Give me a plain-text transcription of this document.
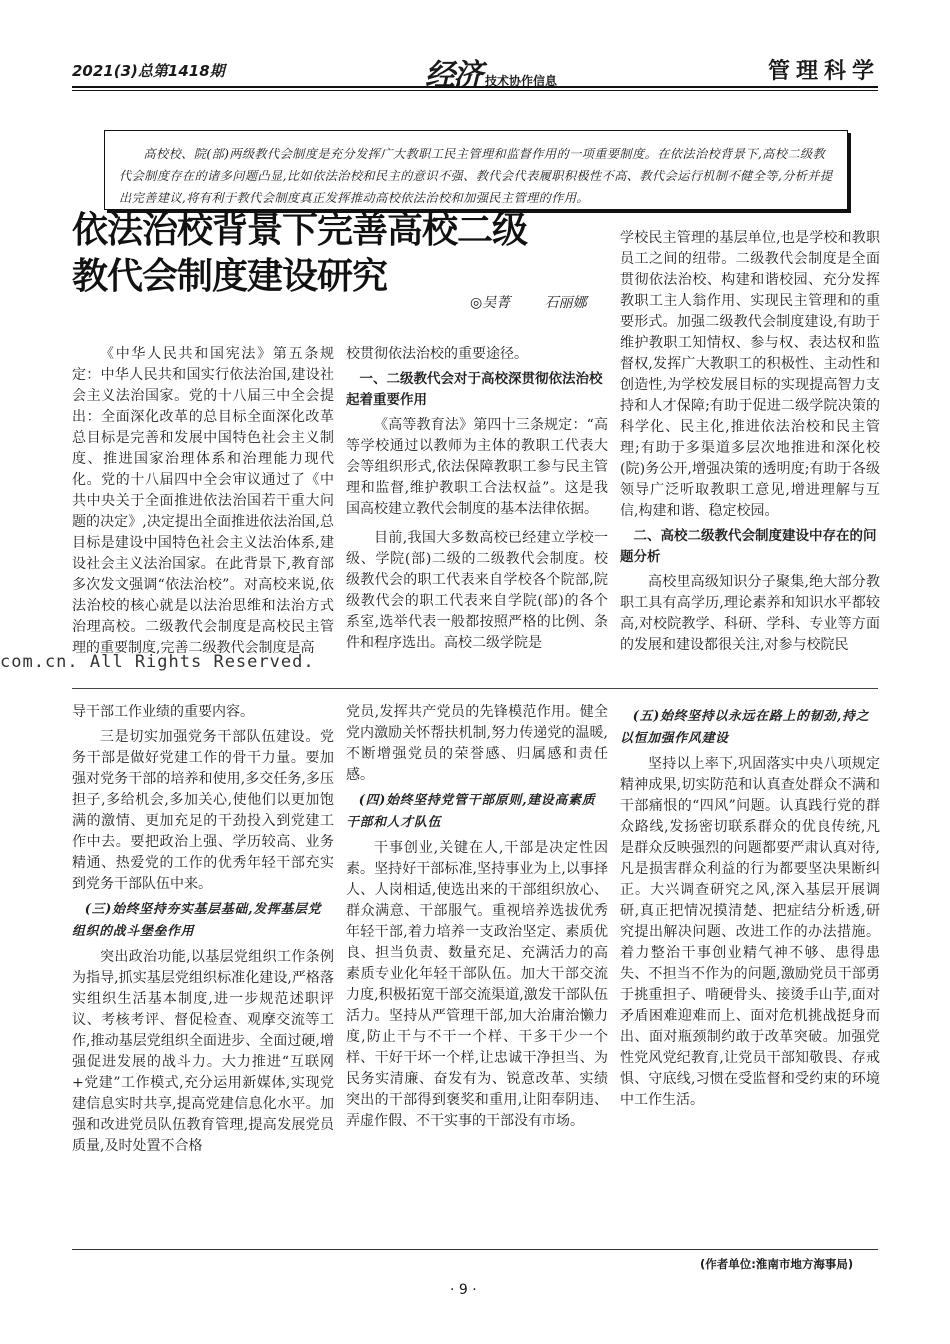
2021(3)总第1418期	经济 技术协作信息	管理科学
依法治校背景下完善高校二级
教代会制度建设研究
高校校、院(部)两级教代会制度是充分发挥广大教职工民主管理和监督作用的一项重要制度。在依法治校背景下,高校二级教代会制度存在的诸多问题凸显,比如依法治校和民主的意识不强、教代会代表履职积极性不高、教代会运行机制不健全等,分析并提出完善建议,将有利于教代会制度真正发挥推动高校依法治校和加强民主管理的作用。
◎吴菁 石丽娜

《中华人民共和国宪法》第五条规定：中华人民共和国实行依法治国,建设社会主义法治国家。党的十八届三中全会提出：全面深化改革的总目标全面深化改革总目标是完善和发展中国特色社会主义制度、推进国家治理体系和治理能力现代化。党的十八届四中全会审议通过了《中共中央关于全面推进依法治国若干重大问题的决定》,决定提出全面推进依法治国,总目标是建设中国特色社会主义法治体系,建设社会主义法治国家。在此背景下,教育部多次发文强调“依法治校”。对高校来说,依法治校的核心就是以法治思维和法治方式治理高校。二级教代会制度是高校民主管理的重要制度,完善二级教代会制度是高

校贯彻依法治校的重要途径。

一、二级教代会对于高校深贯彻依法治校起着重要作用

《高等教育法》第四十三条规定：“高等学校通过以教师为主体的教职工代表大会等组织形式,依法保障教职工参与民主管理和监督,维护教职工合法权益”。这是我国高校建立教代会制度的基本法律依据。

目前,我国大多数高校已经建立学校一级、学院(部)二级的二级教代会制度。校级教代会的职工代表来自学校各个院部,院级教代会的职工代表来自学院(部)的各个系室,选举代表一般都按照严格的比例、条件和程序选出。高校二级学院是

学校民主管理的基层单位,也是学校和教职员工之间的纽带。二级教代会制度是全面贯彻依法治校、构建和谐校园、充分发挥教职工主人翁作用、实现民主管理和的重要形式。加强二级教代会制度建设,有助于维护教职工知情权、参与权、表达权和监督权,发挥广大教职工的积极性、主动性和创造性,为学校发展目标的实现提高智力支持和人才保障;有助于促进二级学院决策的科学化、民主化,推进依法治校和民主管理;有助于多渠道多层次地推进和深化校(院)务公开,增强决策的透明度;有助于各级领导广泛听取教职工意见,增进理解与互信,构建和谐、稳定校园。

二、高校二级教代会制度建设中存在的问题分析

高校里高级知识分子聚集,绝大部分教职工具有高学历,理论素养和知识水平都较高,对校院教学、科研、学科、专业等方面的发展和建设都很关注,对参与校院民

com.cn. All Rights Reserved.

导干部工作业绩的重要内容。

三是切实加强党务干部队伍建设。党务干部是做好党建工作的骨干力量。要加强对党务干部的培养和使用,多交任务,多压担子,多给机会,多加关心,使他们以更加饱满的激情、更加充足的干劲投入到党建工作中去。要把政治上强、学历较高、业务精通、热爱党的工作的优秀年轻干部充实到党务干部队伍中来。

(三)始终坚持夯实基层基础,发挥基层党组织的战斗堡垒作用

突出政治功能,以基层党组织工作条例为指导,抓实基层党组织标准化建设,严格落实组织生活基本制度,进一步规范述职评议、考核考评、督促检查、观摩交流等工作,推动基层党组织全面进步、全面过硬,增强促进发展的战斗力。大力推进“互联网+党建”工作模式,充分运用新媒体,实现党建信息实时共享,提高党建信息化水平。加强和改进党员队伍教育管理,提高发展党员质量,及时处置不合格

党员,发挥共产党员的先锋模范作用。健全党内激励关怀帮扶机制,努力传递党的温暖,不断增强党员的荣誉感、归属感和责任感。

(四)始终坚持党管干部原则,建设高素质干部和人才队伍

干事创业,关键在人,干部是决定性因素。坚持好干部标准,坚持事业为上,以事择人、人岗相适,使选出来的干部组织放心、群众满意、干部服气。重视培养选拔优秀年轻干部,着力培养一支政治坚定、素质优良、担当负责、数量充足、充满活力的高素质专业化年轻干部队伍。加大干部交流力度,积极拓宽干部交流渠道,激发干部队伍活力。坚持从严管理干部,加大治庸治懒力度,防止干与不干一个样、干多干少一个样、干好干坏一个样,让忠诚干净担当、为民务实清廉、奋发有为、锐意改革、实绩突出的干部得到褒奖和重用,让阳奉阴违、弄虚作假、不干实事的干部没有市场。

(五)始终坚持以永远在路上的韧劲,持之以恒加强作风建设

坚持以上率下,巩固落实中央八项规定精神成果,切实防范和认真查处群众不满和干部痛恨的“四风”问题。认真践行党的群众路线,发扬密切联系群众的优良传统,凡是群众反映强烈的问题都要严肃认真对待,凡是损害群众利益的行为都要坚决果断纠正。大兴调查研究之风,深入基层开展调研,真正把情况摸清楚、把症结分析透,研究提出解决问题、改进工作的办法措施。着力整治干事创业精气神不够、患得患失、不担当不作为的问题,激励党员干部勇于挑重担子、啃硬骨头、接烫手山芋,面对矛盾困难迎难而上、面对危机挑战挺身而出、面对瓶颈制约敢于改革突破。加强党性党风党纪教育,让党员干部知敬畏、存戒惧、守底线,习惯在受监督和受约束的环境中工作生活。

(作者单位:淮南市地方海事局)
· 9 ·
